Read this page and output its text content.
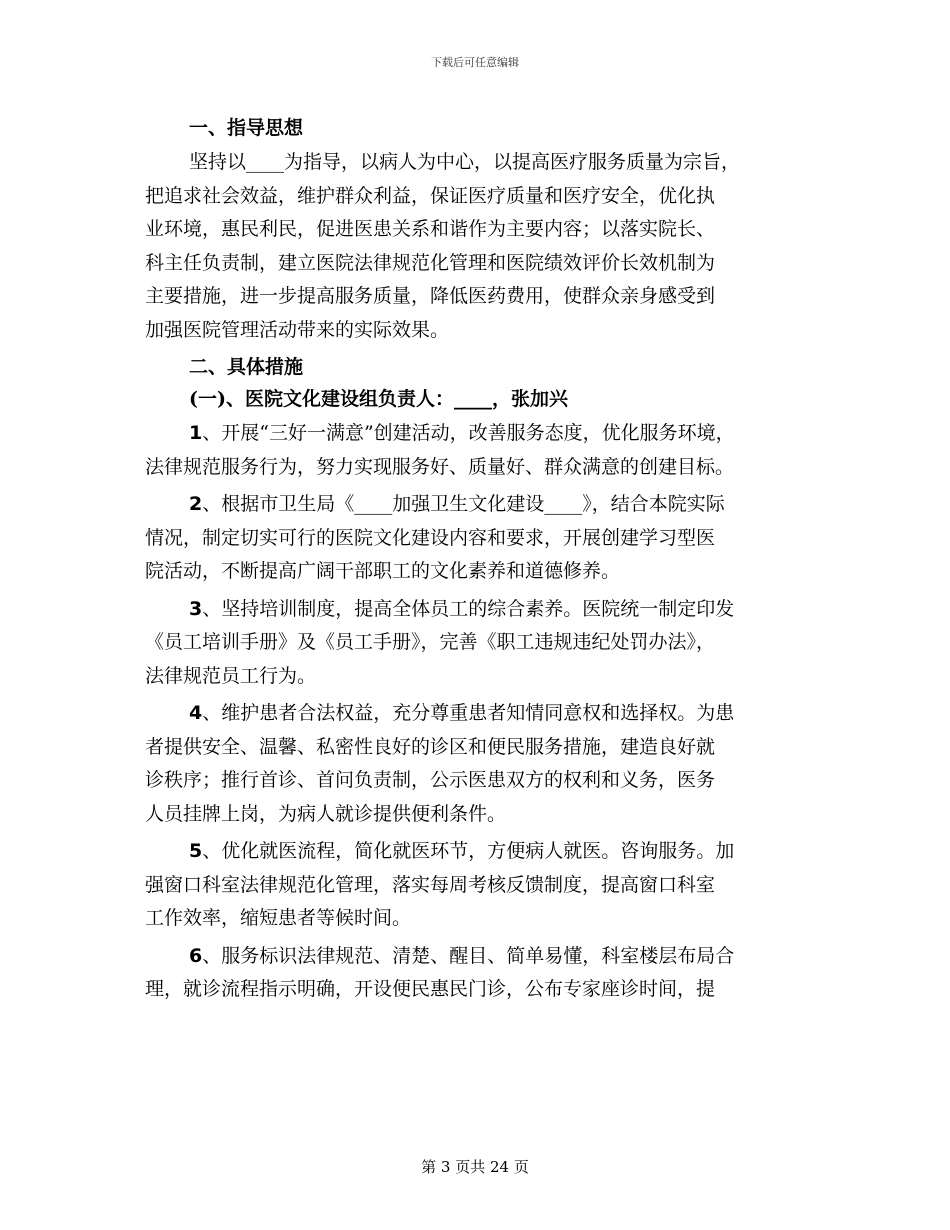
下载后可任意编辑
一、指导思想
坚持以____为指导，以病人为中心，以提高医疗服务质量为宗旨，
把追求社会效益，维护群众利益，保证医疗质量和医疗安全，优化执
业环境，惠民利民，促进医患关系和谐作为主要内容；以落实院长、
科主任负责制，建立医院法律规范化管理和医院绩效评价长效机制为
主要措施，进一步提高服务质量，降低医药费用，使群众亲身感受到
加强医院管理活动带来的实际效果。
二、具体措施
(一)、医院文化建设组负责人：____，张加兴
1、开展“三好一满意”创建活动，改善服务态度，优化服务环境，
法律规范服务行为，努力实现服务好、质量好、群众满意的创建目标。
2、根据市卫生局《____加强卫生文化建设____》，结合本院实际
情况，制定切实可行的医院文化建设内容和要求，开展创建学习型医
院活动，不断提高广阔干部职工的文化素养和道德修养。
3、坚持培训制度，提高全体员工的综合素养。医院统一制定印发
《员工培训手册》及《员工手册》，完善《职工违规违纪处罚办法》，
法律规范员工行为。
4、维护患者合法权益，充分尊重患者知情同意权和选择权。为患
者提供安全、温馨、私密性良好的诊区和便民服务措施，建造良好就
诊秩序；推行首诊、首问负责制，公示医患双方的权利和义务，医务
人员挂牌上岗，为病人就诊提供便利条件。
5、优化就医流程，简化就医环节，方便病人就医。咨询服务。加
强窗口科室法律规范化管理，落实每周考核反馈制度，提高窗口科室
工作效率，缩短患者等候时间。
6、服务标识法律规范、清楚、醒目、简单易懂，科室楼层布局合
理，就诊流程指示明确，开设便民惠民门诊，公布专家座诊时间，提
第 3 页共 24 页
